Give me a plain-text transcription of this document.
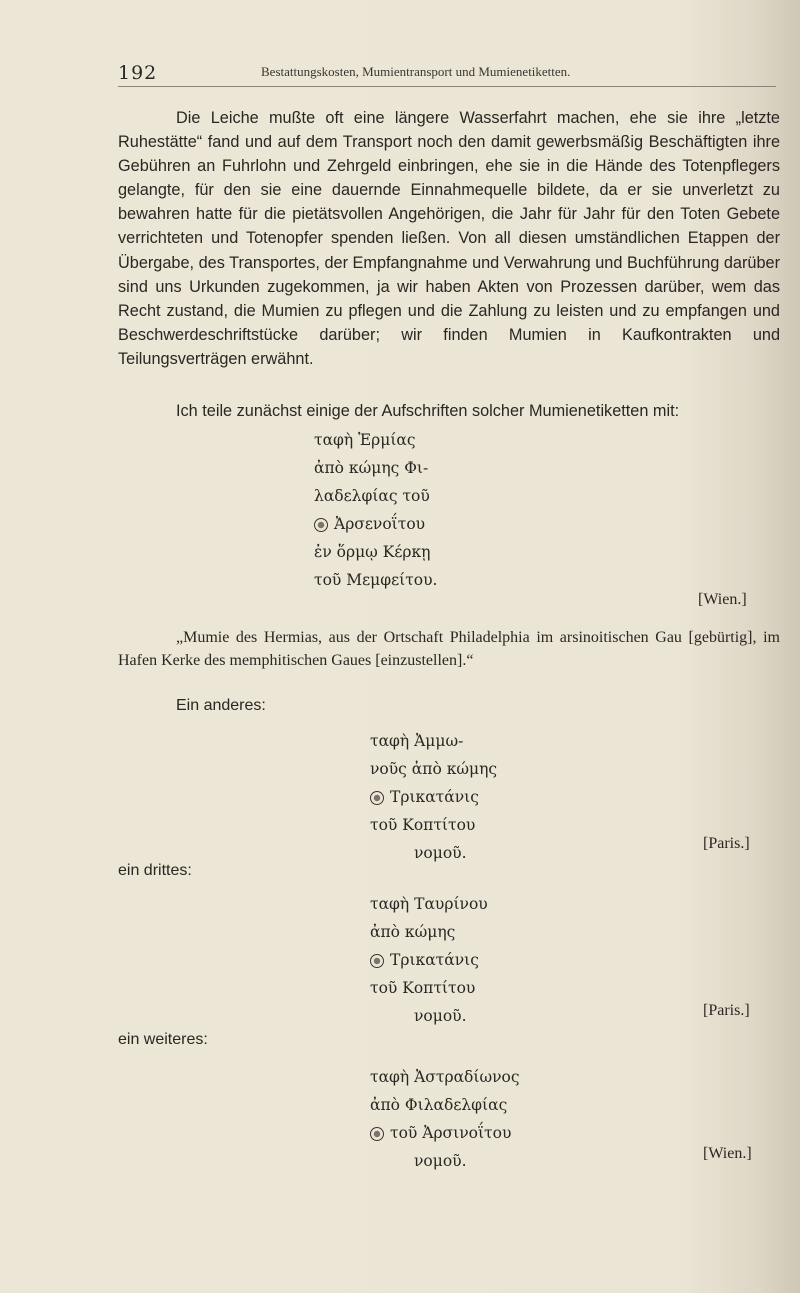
192	Bestattungskosten, Mumientransport und Mumienetiketten.

Die Leiche mußte oft eine längere Wasserfahrt machen, ehe sie ihre „letzte Ruhestätte“ fand und auf dem Transport noch den damit gewerbsmäßig Beschäftigten ihre Gebühren an Fuhrlohn und Zehrgeld einbringen, ehe sie in die Hände des Totenpflegers gelangte, für den sie eine dauernde Einnahmequelle bildete, da er sie unverletzt zu bewahren hatte für die pietätsvollen Angehörigen, die Jahr für Jahr für den Toten Gebete verrichteten und Totenopfer spenden ließen. Von all diesen umständlichen Etappen der Übergabe, des Transportes, der Empfangnahme und Verwahrung und Buchführung darüber sind uns Urkunden zugekommen, ja wir haben Akten von Prozessen darüber, wem das Recht zustand, die Mumien zu pflegen und die Zahlung zu leisten und zu empfangen und Beschwerdeschriftstücke darüber; wir finden Mumien in Kaufkontrakten und Teilungsverträgen erwähnt.

Ich teile zunächst einige der Aufschriften solcher Mumienetiketten mit:
ταφὴ Ἑρμίας
ἀπὸ κώμης Φι-
λαδελφίας τοῦ
Ἀρσενοΐτου
ἐν ὅρμῳ Κέρκῃ
τοῦ Μεμφείτου.
[Wien.]

„Mumie des Hermias, aus der Ortschaft Philadelphia im arsinoitischen Gau [gebürtig], im Hafen Kerke des memphitischen Gaues [einzustellen].“

Ein anderes:
ταφὴ Ἀμμω-
νοῦς ἀπὸ κώμης
Τρικατάνις
τοῦ Κοπτίτου
νομοῦ.
[Paris.]
ein drittes:
ταφὴ Ταυρίνου
ἀπὸ κώμης
Τρικατάνις
τοῦ Κοπτίτου
νομοῦ.	[Paris.]
ein weiteres:
ταφὴ Ἀστραδίωνος
ἀπὸ Φιλαδελφίας
τοῦ Ἀρσινοΐτου
νομοῦ.	[Wien.]
